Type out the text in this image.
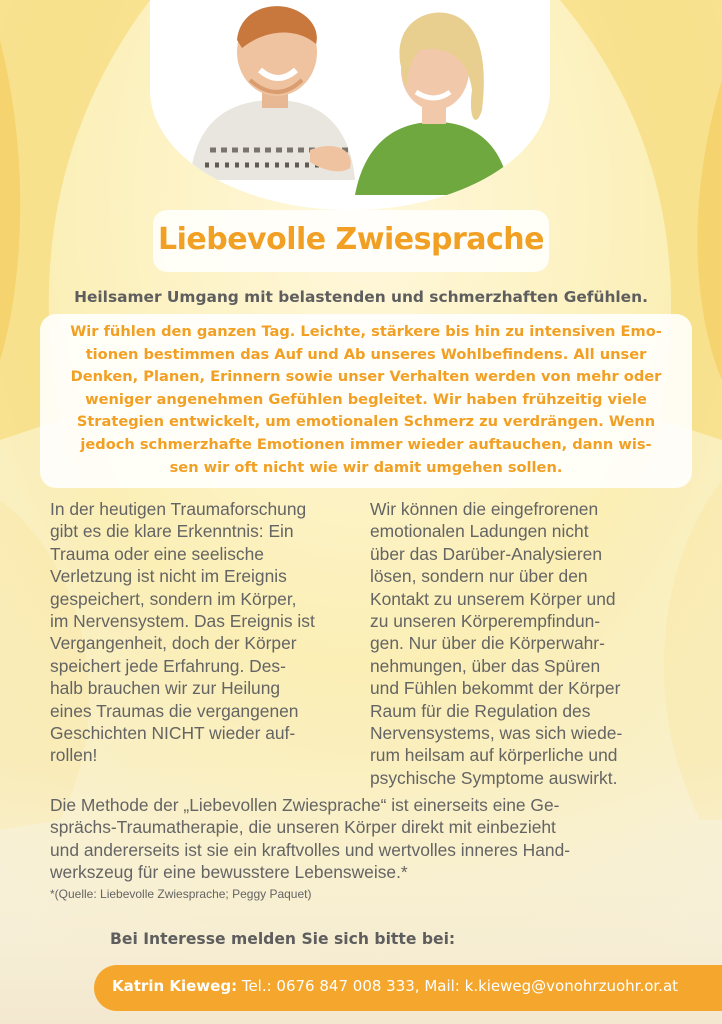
Liebevolle Zwiesprache
Heilsamer Umgang mit belastenden und schmerzhaften Gefühlen.
Wir fühlen den ganzen Tag. Leichte, stärkere bis hin zu intensiven Emo-
tionen bestimmen das Auf und Ab unseres Wohlbefindens. All unser
Denken, Planen, Erinnern sowie unser Verhalten werden von mehr oder
weniger angenehmen Gefühlen begleitet. Wir haben frühzeitig viele
Strategien entwickelt, um emotionalen Schmerz zu verdrängen. Wenn
jedoch schmerzhafte Emotionen immer wieder auftauchen, dann wis-
sen wir oft nicht wie wir damit umgehen sollen.
In der heutigen Traumaforschung
gibt es die klare Erkenntnis: Ein
Trauma oder eine seelische
Verletzung ist nicht im Ereignis
gespeichert, sondern im Körper,
im Nervensystem. Das Ereignis ist
Vergangenheit, doch der Körper
speichert jede Erfahrung. Des-
halb brauchen wir zur Heilung
eines Traumas die vergangenen
Geschichten NICHT wieder auf-
rollen!
Wir können die eingefrorenen
emotionalen Ladungen nicht
über das Darüber-Analysieren
lösen, sondern nur über den
Kontakt zu unserem Körper und
zu unseren Körperempfindun-
gen. Nur über die Körperwahr-
nehmungen, über das Spüren
und Fühlen bekommt der Körper
Raum für die Regulation des
Nervensystems, was sich wiede-
rum heilsam auf körperliche und
psychische Symptome auswirkt.
Die Methode der „Liebevollen Zwiesprache“ ist einerseits eine Ge-
sprächs-Traumatherapie, die unseren Körper direkt mit einbezieht
und andererseits ist sie ein kraftvolles und wertvolles inneres Hand-
werkszeug für eine bewusstere Lebensweise.*
*(Quelle: Liebevolle Zwiesprache; Peggy Paquet)
Bei Interesse melden Sie sich bitte bei:
Katrin Kieweg: Tel.: 0676 847 008 333, Mail: k.kieweg@vonohrzuohr.or.at
